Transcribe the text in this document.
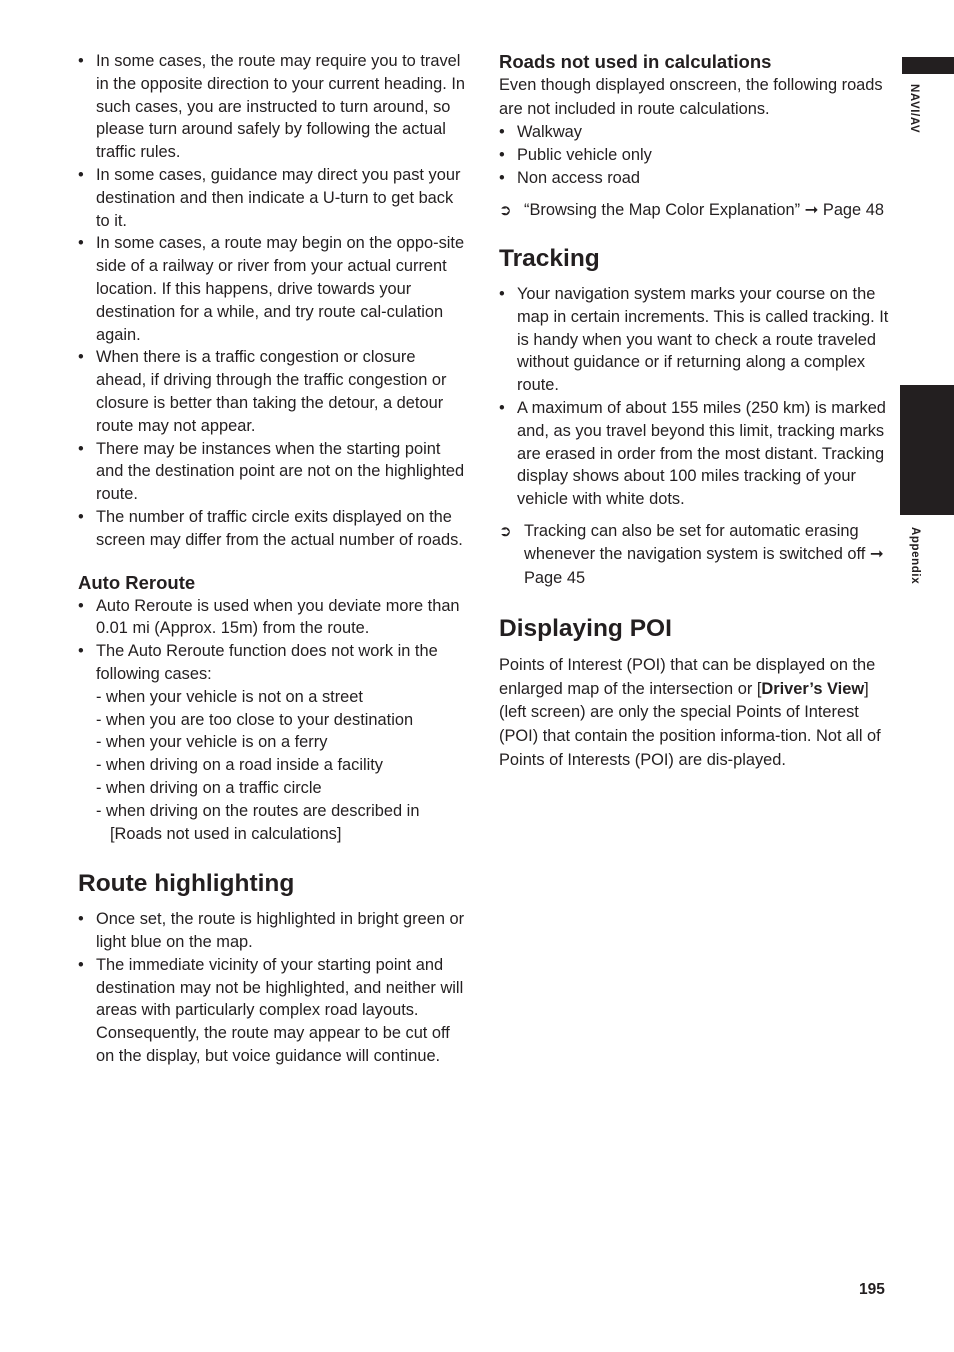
• In some cases, the route may require you to travel in the opposite direction to your current heading. In such cases, you are instructed to turn around, so please turn around safely by following the actual traffic rules.
• In some cases, guidance may direct you past your destination and then indicate a U-turn to get back to it.
• In some cases, a route may begin on the oppo-site side of a railway or river from your actual current location. If this happens, drive towards your destination for a while, and try route cal-culation again.
• When there is a traffic congestion or closure ahead, if driving through the traffic congestion or closure is better than taking the detour, a detour route may not appear.
• There may be instances when the starting point and the destination point are not on the highlighted route.
• The number of traffic circle exits displayed on the screen may differ from the actual number of roads.
Auto Reroute
• Auto Reroute is used when you deviate more than 0.01 mi (Approx. 15m) from the route.
• The Auto Reroute function does not work in the following cases:
- when your vehicle is not on a street
- when you are too close to your destination
- when your vehicle is on a ferry
- when driving on a road inside a facility
- when driving on a traffic circle
- when driving on the routes are described in [Roads not used in calculations]
Route highlighting
• Once set, the route is highlighted in bright green or light blue on the map.
• The immediate vicinity of your starting point and destination may not be highlighted, and neither will areas with particularly complex road layouts. Consequently, the route may appear to be cut off on the display, but voice guidance will continue.
Roads not used in calculations

Even though displayed onscreen, the following roads are not included in route calculations.

• Walkway
• Public vehicle only
• Non access road
➲ “Browsing the Map Color Explanation” ➞ Page 48
Tracking
• Your navigation system marks your course on the map in certain increments. This is called tracking. It is handy when you want to check a route traveled without guidance or if returning along a complex route.
• A maximum of about 155 miles (250 km) is marked and, as you travel beyond this limit, tracking marks are erased in order from the most distant. Tracking display shows about 100 miles tracking of your vehicle with white dots.
➲ Tracking can also be set for automatic erasing whenever the navigation system is switched off ➞ Page 45
Displaying POI

Points of Interest (POI) that can be displayed on the enlarged map of the intersection or [Driver’s View] (left screen) are only the special Points of Interest (POI) that contain the position informa-tion. Not all of Points of Interests (POI) are dis-played.

NAVI/AV
Appendix
195
